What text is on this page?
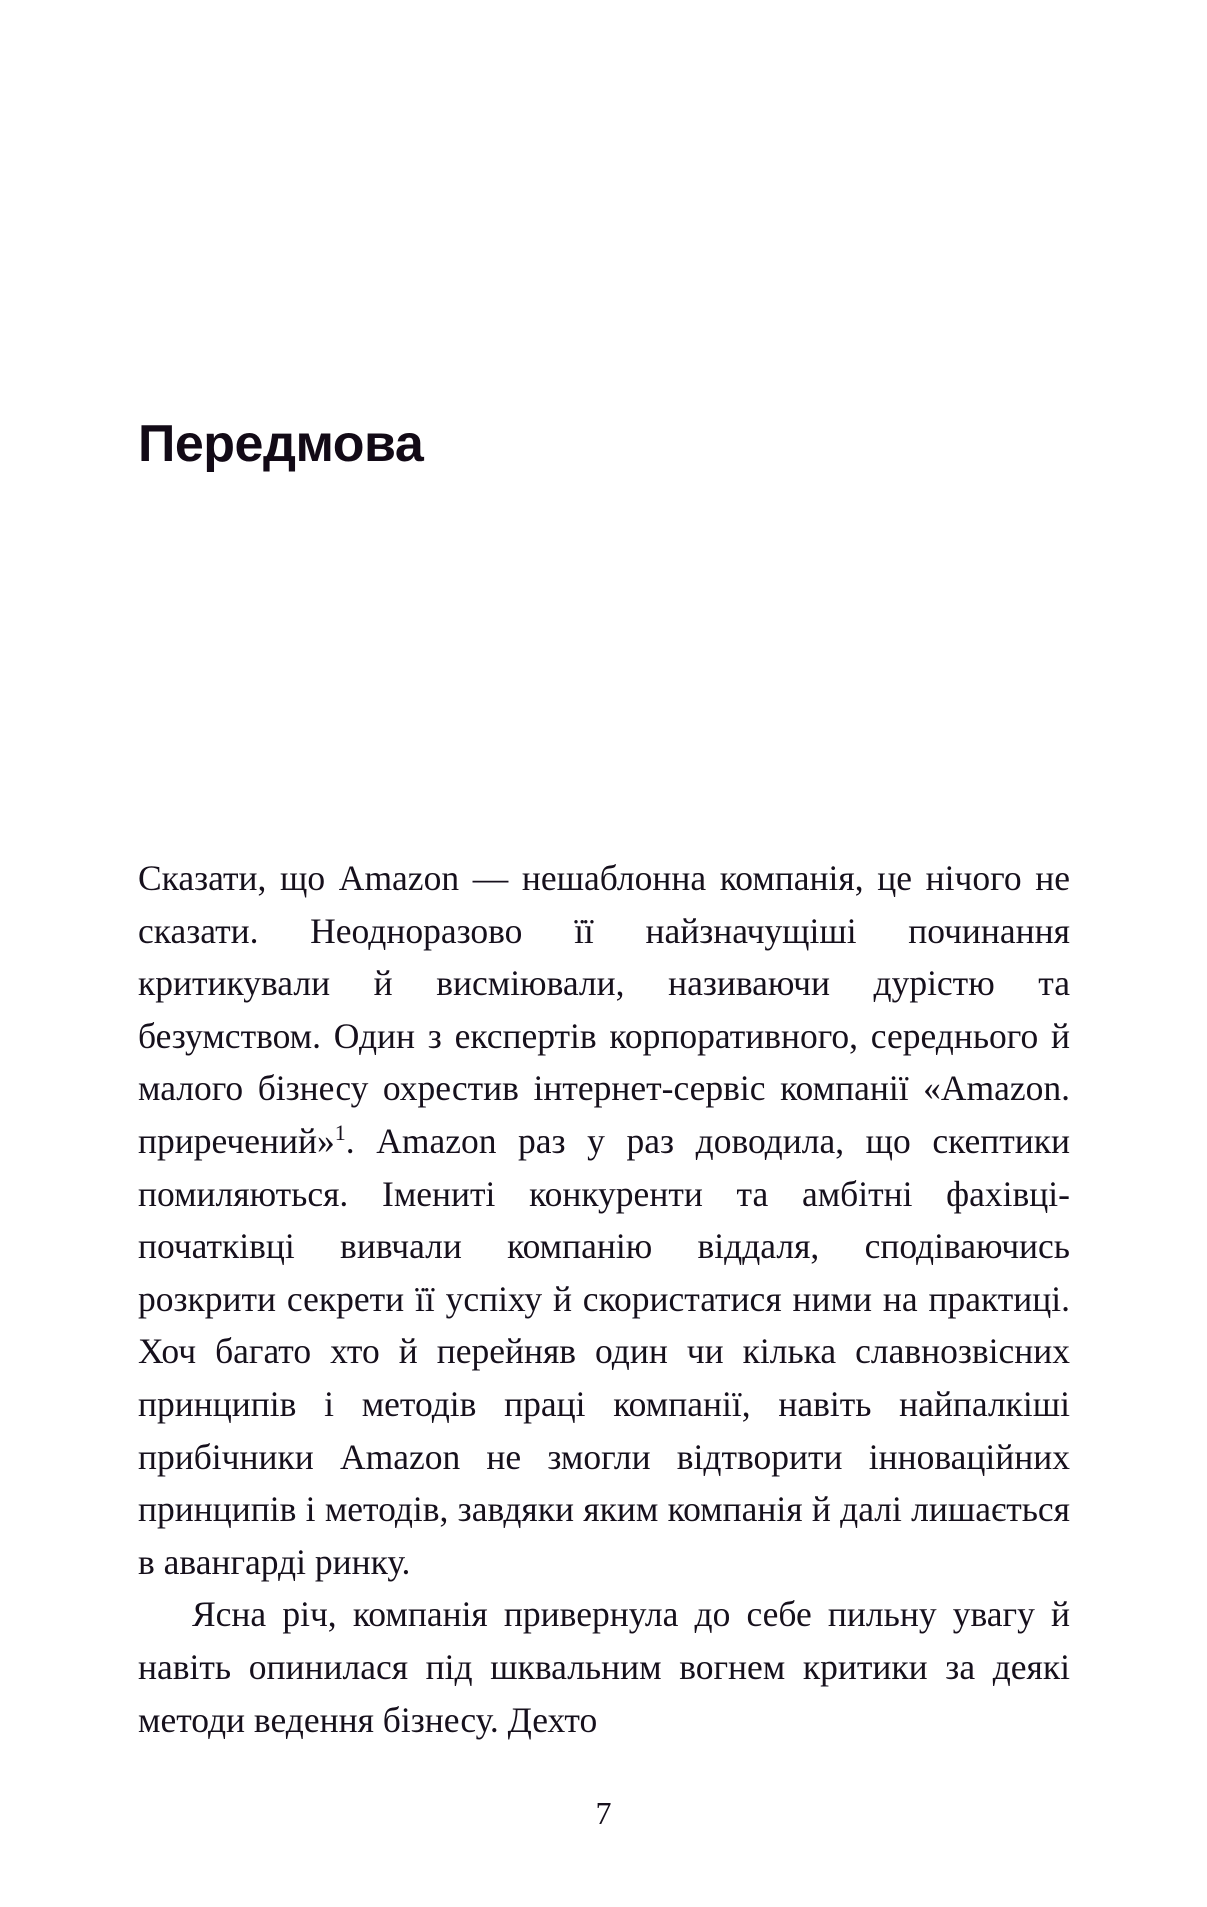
Передмова

Сказати, що Amazon — нешаблонна компанія, це нічого не сказати. Неодноразово її найзначущіші починання критикували й висміювали, називаючи дурістю та безумством. Один з експертів корпоративного, середнього й малого бізнесу охрестив інтернет-сервіс компанії «Amazon. приречений»$^1$. Amazon раз у раз доводила, що скептики помиляються. Імениті конкуренти та амбітні фахівці-початківці вивчали компанію віддаля, сподіваючись розкрити секрети її успіху й скористатися ними на практиці. Хоч багато хто й перейняв один чи кілька славнозвісних принципів і методів праці компанії, навіть найпалкіші прибічники Amazon не змогли відтворити інноваційних принципів і методів, завдяки яким компанія й далі лишається в авангарді ринку.

Ясна річ, компанія привернула до себе пильну увагу й навіть опинилася під шквальним вогнем критики за деякі методи ведення бізнесу. Дехто

7
